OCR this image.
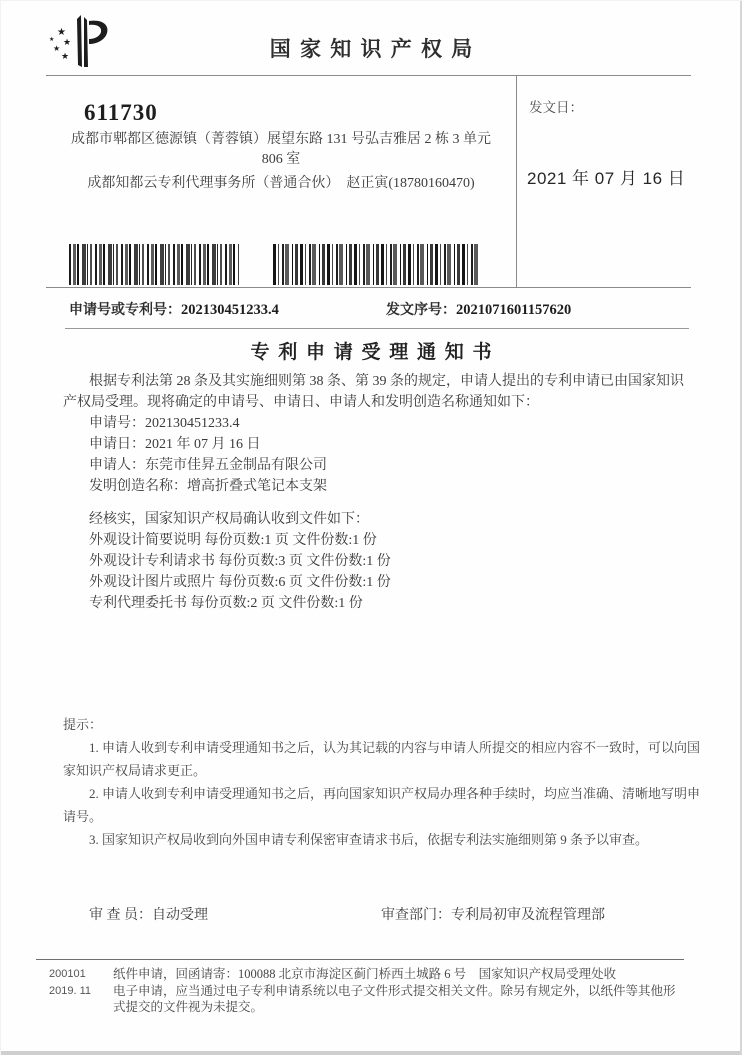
★
★
★
★
★	国 家 知 识 产 权 局
611730
成都市郫都区德源镇（菁蓉镇）展望东路 131 号弘吉雅居 2 栋 3 单元
806 室
成都知都云专利代理事务所（普通合伙）　赵正寅(18780160470)
发文日：
2021 年 07 月 16 日
申请号或专利号：202130451233.4	发文序号：2021071601157620
专 利 申 请 受 理 通 知 书

根据专利法第 28 条及其实施细则第 38 条、第 39 条的规定，申请人提出的专利申请已由国家知识产权局受理。现将确定的申请号、申请日、申请人和发明创造名称通知如下：

申请号：202130451233.4

申请日：2021 年 07 月 16 日

申请人：东莞市佳昇五金制品有限公司

发明创造名称：增高折叠式笔记本支架

经核实，国家知识产权局确认收到文件如下：

外观设计简要说明 每份页数:1 页 文件份数:1 份

外观设计专利请求书 每份页数:3 页 文件份数:1 份

外观设计图片或照片 每份页数:6 页 文件份数:1 份

专利代理委托书 每份页数:2 页 文件份数:1 份

提示：

1. 申请人收到专利申请受理通知书之后，认为其记载的内容与申请人所提交的相应内容不一致时，可以向国家知识产权局请求更正。

2. 申请人收到专利申请受理通知书之后，再向国家知识产权局办理各种手续时，均应当准确、清晰地写明申请号。

3. 国家知识产权局收到向外国申请专利保密审查请求书后，依据专利法实施细则第 9 条予以审查。

审 查 员：自动受理	审查部门：专利局初审及流程管理部
200101
2019. 11

纸件申请，回函请寄：100088 北京市海淀区蓟门桥西土城路 6 号　国家知识产权局受理处收

电子申请，应当通过电子专利申请系统以电子文件形式提交相关文件。除另有规定外，以纸件等其他形式提交的文件视为未提交。
